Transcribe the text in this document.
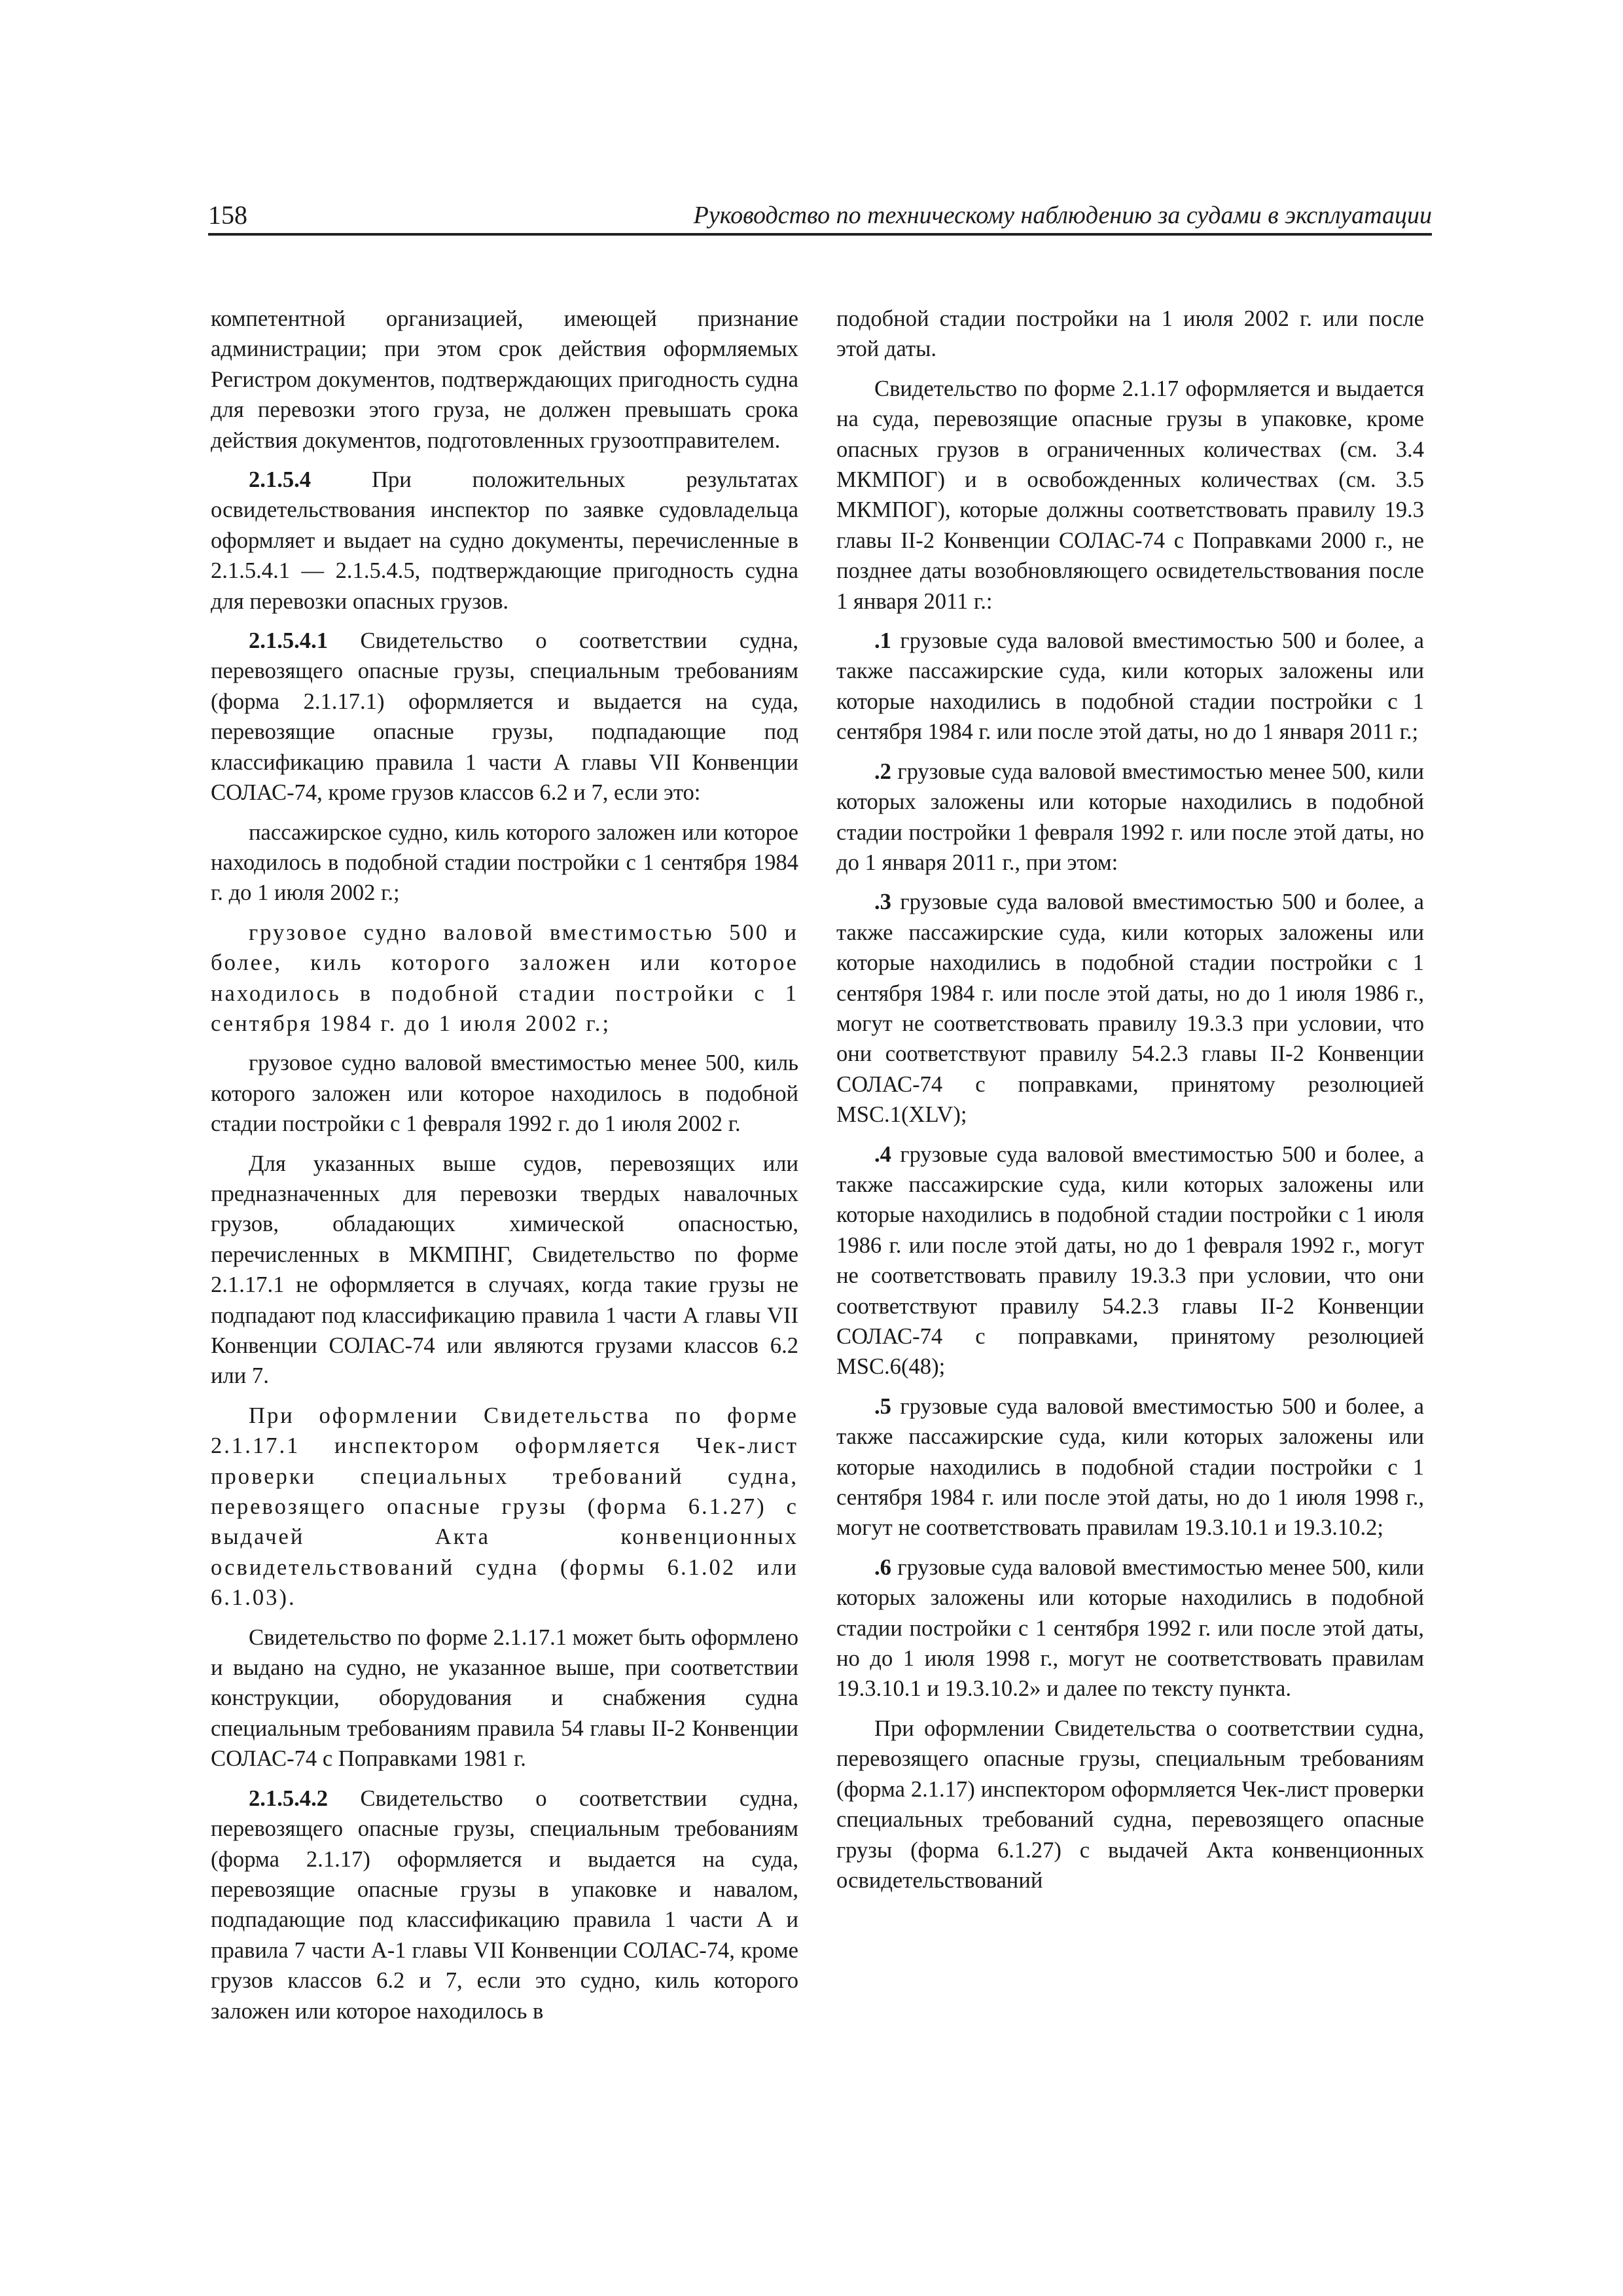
158	Руководство по техническому наблюдению за судами в эксплуатации

компетентной организацией, имеющей признание администрации; при этом срок действия оформляемых Регистром документов, подтверждающих пригодность судна для перевозки этого груза, не должен превышать срока действия документов, подготовленных грузоотправителем.

2.1.5.4 При положительных результатах освидетельствования инспектор по заявке судовладельца оформляет и выдает на судно документы, перечисленные в 2.1.5.4.1 — 2.1.5.4.5, подтверждающие пригодность судна для перевозки опасных грузов.

2.1.5.4.1 Свидетельство о соответствии судна, перевозящего опасные грузы, специальным требованиям (форма 2.1.17.1) оформляется и выдается на суда, перевозящие опасные грузы, подпадающие под классификацию правила 1 части А главы VII Конвенции СОЛАС-74, кроме грузов классов 6.2 и 7, если это:

пассажирское судно, киль которого заложен или которое находилось в подобной стадии постройки с 1 сентября 1984 г. до 1 июля 2002 г.;

грузовое судно валовой вместимостью 500 и более, киль которого заложен или которое находилось в подобной стадии постройки с 1 сентября 1984 г. до 1 июля 2002 г.;

грузовое судно валовой вместимостью менее 500, киль которого заложен или которое находилось в подобной стадии постройки с 1 февраля 1992 г. до 1 июля 2002 г.

Для указанных выше судов, перевозящих или предназначенных для перевозки твердых навалочных грузов, обладающих химической опасностью, перечисленных в МКМПНГ, Свидетельство по форме 2.1.17.1 не оформляется в случаях, когда такие грузы не подпадают под классификацию правила 1 части А главы VII Конвенции СОЛАС-74 или являются грузами классов 6.2 или 7.

При оформлении Свидетельства по форме 2.1.17.1 инспектором оформляется Чек-лист проверки специальных требований судна, перевозящего опасные грузы (форма 6.1.27) с выдачей Акта конвенционных освидетельствований судна (формы 6.1.02 или 6.1.03).

Свидетельство по форме 2.1.17.1 может быть оформлено и выдано на судно, не указанное выше, при соответствии конструкции, оборудования и снабжения судна специальным требованиям правила 54 главы II-2 Конвенции СОЛАС-74 с Поправками 1981 г.

2.1.5.4.2 Свидетельство о соответствии судна, перевозящего опасные грузы, специальным требованиям (форма 2.1.17) оформляется и выдается на суда, перевозящие опасные грузы в упаковке и навалом, подпадающие под классификацию правила 1 части А и правила 7 части А-1 главы VII Конвенции СОЛАС-74, кроме грузов классов 6.2 и 7, если это судно, киль которого заложен или которое находилось в

подобной стадии постройки на 1 июля 2002 г. или после этой даты.

Свидетельство по форме 2.1.17 оформляется и выдается на суда, перевозящие опасные грузы в упаковке, кроме опасных грузов в ограниченных количествах (см. 3.4 МКМПОГ) и в освобожденных количествах (см. 3.5 МКМПОГ), которые должны соответствовать правилу 19.3 главы II-2 Конвенции СОЛАС-74 с Поправками 2000 г., не позднее даты возобновляющего освидетельствования после 1 января 2011 г.:

.1 грузовые суда валовой вместимостью 500 и более, а также пассажирские суда, кили которых заложены или которые находились в подобной стадии постройки с 1 сентября 1984 г. или после этой даты, но до 1 января 2011 г.;

.2 грузовые суда валовой вместимостью менее 500, кили которых заложены или которые находились в подобной стадии постройки 1 февраля 1992 г. или после этой даты, но до 1 января 2011 г., при этом:

.3 грузовые суда валовой вместимостью 500 и более, а также пассажирские суда, кили которых заложены или которые находились в подобной стадии постройки с 1 сентября 1984 г. или после этой даты, но до 1 июля 1986 г., могут не соответствовать правилу 19.3.3 при условии, что они соответствуют правилу 54.2.3 главы II-2 Конвенции СОЛАС-74 с поправками, принятому резолюцией MSC.1(XLV);

.4 грузовые суда валовой вместимостью 500 и более, а также пассажирские суда, кили которых заложены или которые находились в подобной стадии постройки с 1 июля 1986 г. или после этой даты, но до 1 февраля 1992 г., могут не соответствовать правилу 19.3.3 при условии, что они соответствуют правилу 54.2.3 главы II-2 Конвенции СОЛАС-74 с поправками, принятому резолюцией MSC.6(48);

.5 грузовые суда валовой вместимостью 500 и более, а также пассажирские суда, кили которых заложены или которые находились в подобной стадии постройки с 1 сентября 1984 г. или после этой даты, но до 1 июля 1998 г., могут не соответствовать правилам 19.3.10.1 и 19.3.10.2;

.6 грузовые суда валовой вместимостью менее 500, кили которых заложены или которые находились в подобной стадии постройки с 1 сентября 1992 г. или после этой даты, но до 1 июля 1998 г., могут не соответствовать правилам 19.3.10.1 и 19.3.10.2» и далее по тексту пункта.

При оформлении Свидетельства о соответствии судна, перевозящего опасные грузы, специальным требованиям (форма 2.1.17) инспектором оформляется Чек-лист проверки специальных требований судна, перевозящего опасные грузы (форма 6.1.27) с выдачей Акта конвенционных освидетельствований
